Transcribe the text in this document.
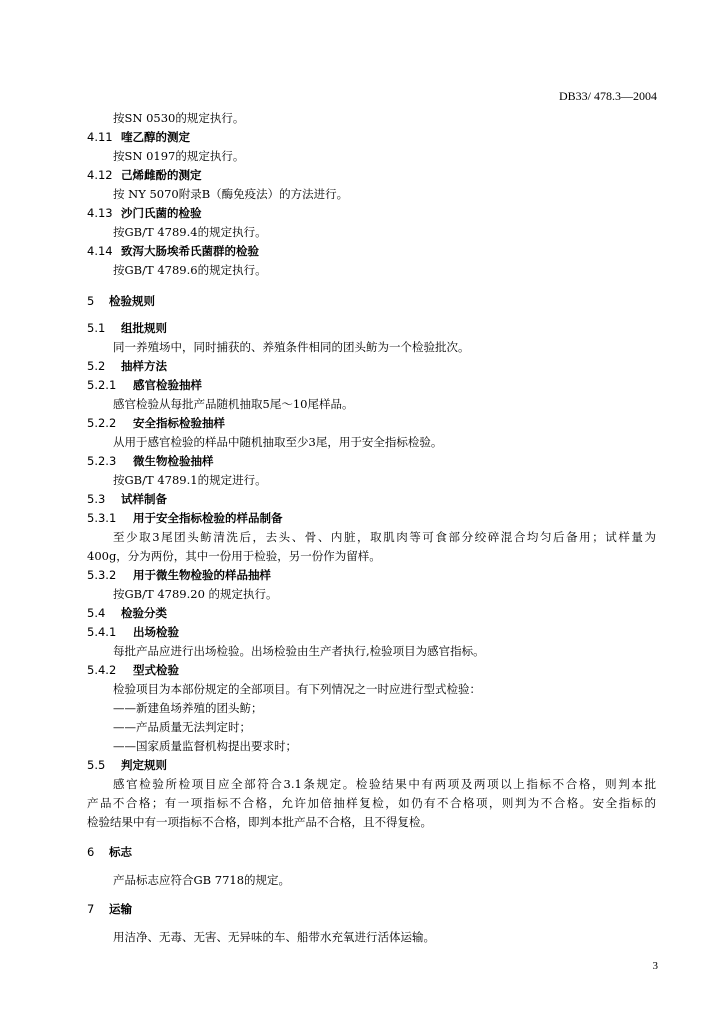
DB33/ 478.3—2004
按SN 0530的规定执行。
4.11 喹乙醇的测定
按SN 0197的规定执行。
4.12 己烯雌酚的测定
按 NY 5070附录B（酶免疫法）的方法进行。
4.13 沙门氏菌的检验
按GB/T 4789.4的规定执行。
4.14 致泻大肠埃希氏菌群的检验
按GB/T 4789.6的规定执行。
5 检验规则
5.1 组批规则
同一养殖场中，同时捕获的、养殖条件相同的团头鲂为一个检验批次。
5.2 抽样方法
5.2.1 感官检验抽样
感官检验从每批产品随机抽取5尾～10尾样品。
5.2.2 安全指标检验抽样
从用于感官检验的样品中随机抽取至少3尾，用于安全指标检验。
5.2.3 微生物检验抽样
按GB/T 4789.1的规定进行。
5.3 试样制备
5.3.1 用于安全指标检验的样品制备
至少取3尾团头鲂清洗后，去头、骨、内脏，取肌肉等可食部分绞碎混合均匀后备用；试样量为
400g，分为两份，其中一份用于检验，另一份作为留样。
5.3.2 用于微生物检验的样品抽样
按GB/T 4789.20 的规定执行。
5.4 检验分类
5.4.1 出场检验
每批产品应进行出场检验。出场检验由生产者执行,检验项目为感官指标。
5.4.2 型式检验
检验项目为本部份规定的全部项目。有下列情况之一时应进行型式检验：
——新建鱼场养殖的团头鲂；
——产品质量无法判定时；
——国家质量监督机构提出要求时；
5.5 判定规则
感官检验所检项目应全部符合3.1条规定。检验结果中有两项及两项以上指标不合格，则判本批
产品不合格；有一项指标不合格，允许加倍抽样复检，如仍有不合格项，则判为不合格。安全指标的
检验结果中有一项指标不合格，即判本批产品不合格，且不得复检。
6 标志
产品标志应符合GB 7718的规定。
7 运输
用洁净、无毒、无害、无异味的车、船带水充氧进行活体运输。
3
